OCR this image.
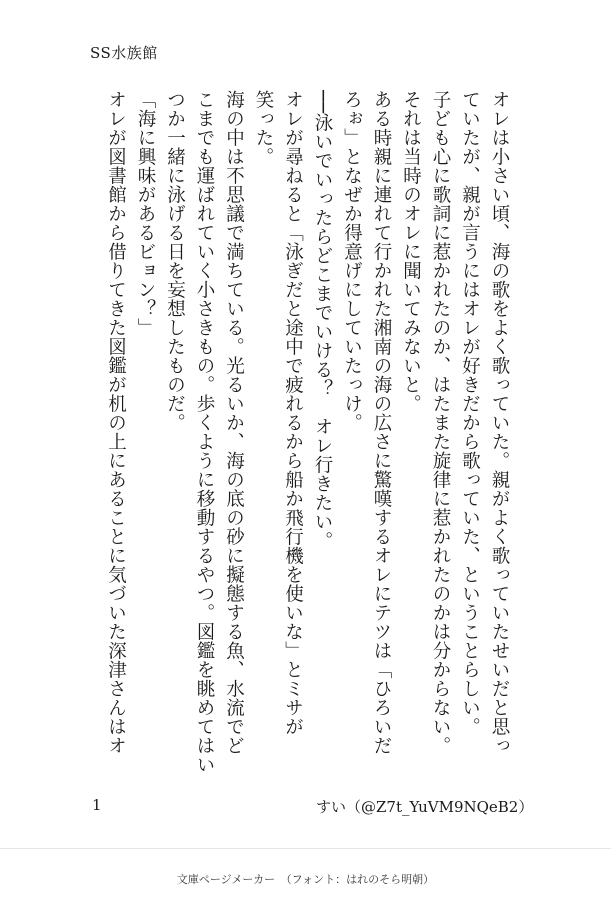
SS水族館
オレは小さい頃、海の歌をよく歌っていた。親がよく歌っていたせいだと思っ
ていたが、親が言うにはオレが好きだから歌っていた、ということらしい。
子ども心に歌詞に惹かれたのか、はたまた旋律に惹かれたのかは分からない。
それは当時のオレに聞いてみないと。
ある時親に連れて行かれた湘南の海の広さに驚嘆するオレにテツは「ひろいだ
ろぉ」となぜか得意げにしていたっけ。
──泳いでいったらどこまでいける？　オレ行きたい。
オレが尋ねると「泳ぎだと途中で疲れるから船か飛行機を使いな」とミサが
笑った。
海の中は不思議で満ちている。光るいか、海の底の砂に擬態する魚、水流でど
こまでも運ばれていく小さきもの。歩くように移動するやつ。図鑑を眺めてはい
つか一緒に泳げる日を妄想したものだ。
「海に興味があるビョン？」
オレが図書館から借りてきた図鑑が机の上にあることに気づいた深津さんはオ
1	すい（@Z7t_YuVM9NQeB2）
文庫ページメーカー　（フォント：はれのそら明朝）
